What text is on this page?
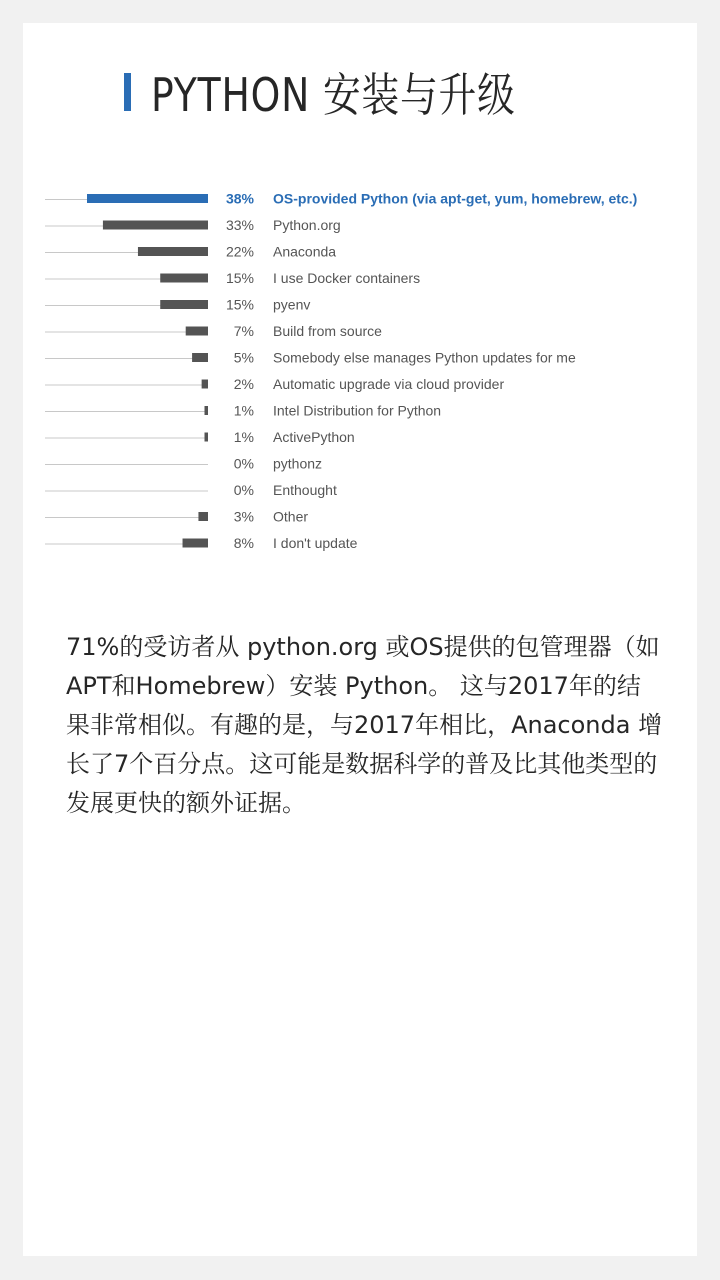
PYTHON 安装与升级
38% OS-provided Python (via apt-get, yum, homebrew, etc.)
33% Python.org
22% Anaconda
15% I use Docker containers
15% pyenv
7% Build from source
5% Somebody else manages Python updates for me
2% Automatic upgrade via cloud provider
1% Intel Distribution for Python
1% ActivePython
0% pythonz
0% Enthought
3% Other
8% I don't update

71%的受访者从 python.org 或OS提供的包管理器（如APT和Homebrew）安装 Python。 这与2017年的结果非常相似。有趣的是，与2017年相比，Anaconda 增长了7个百分点。这可能是数据科学的普及比其他类型的发展更快的额外证据。
